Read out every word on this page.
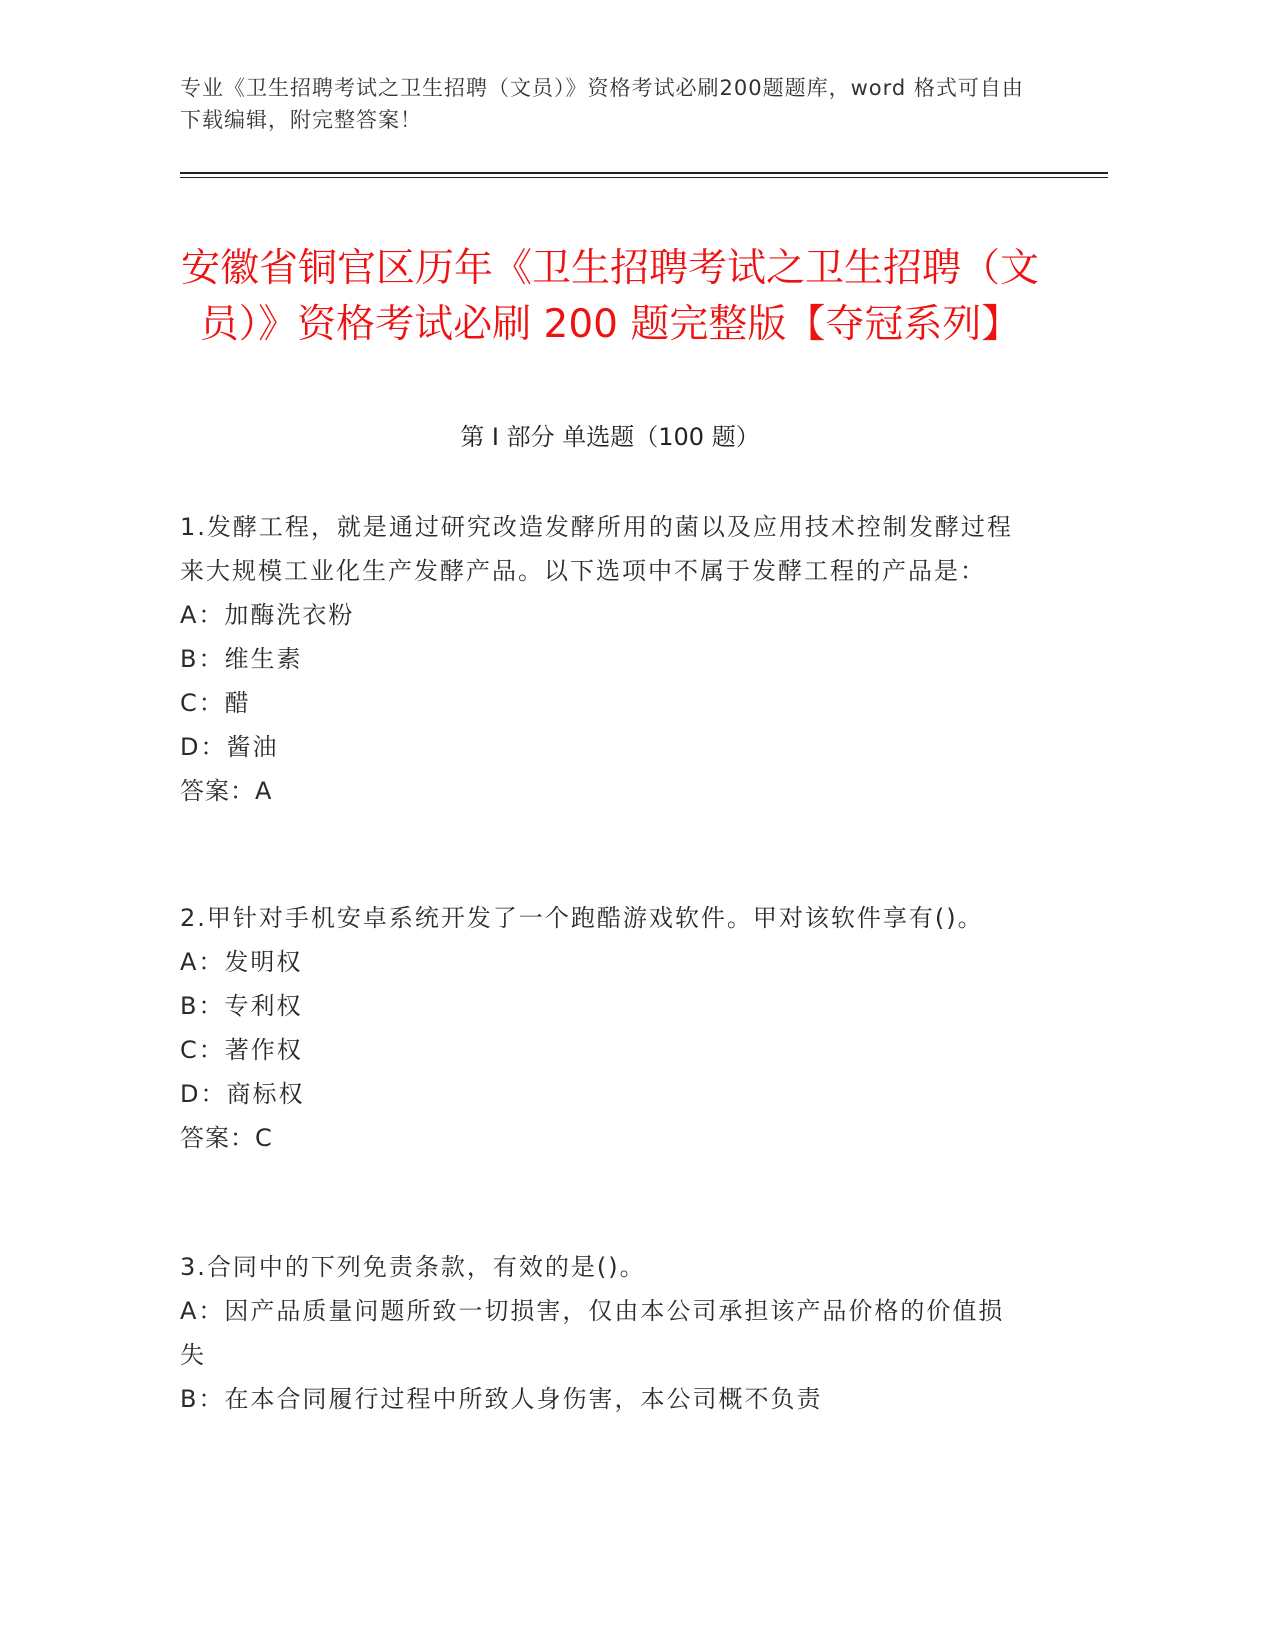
专业《卫生招聘考试之卫生招聘（文员）》资格考试必刷200题题库，word 格式可自由下载编辑，附完整答案！
安徽省铜官区历年《卫生招聘考试之卫生招聘（文员）》资格考试必刷 200 题完整版【夺冠系列】
第 I 部分 单选题（100 题）

1.发酵工程，就是通过研究改造发酵所用的菌以及应用技术控制发酵过程来大规模工业化生产发酵产品。以下选项中不属于发酵工程的产品是：

A：加酶洗衣粉

B：维生素

C：醋

D：酱油

答案：A

2.甲针对手机安卓系统开发了一个跑酷游戏软件。甲对该软件享有()。

A：发明权

B：专利权

C：著作权

D：商标权

答案：C

3.合同中的下列免责条款，有效的是()。

A：因产品质量问题所致一切损害，仅由本公司承担该产品价格的价值损失

B：在本合同履行过程中所致人身伤害，本公司概不负责
